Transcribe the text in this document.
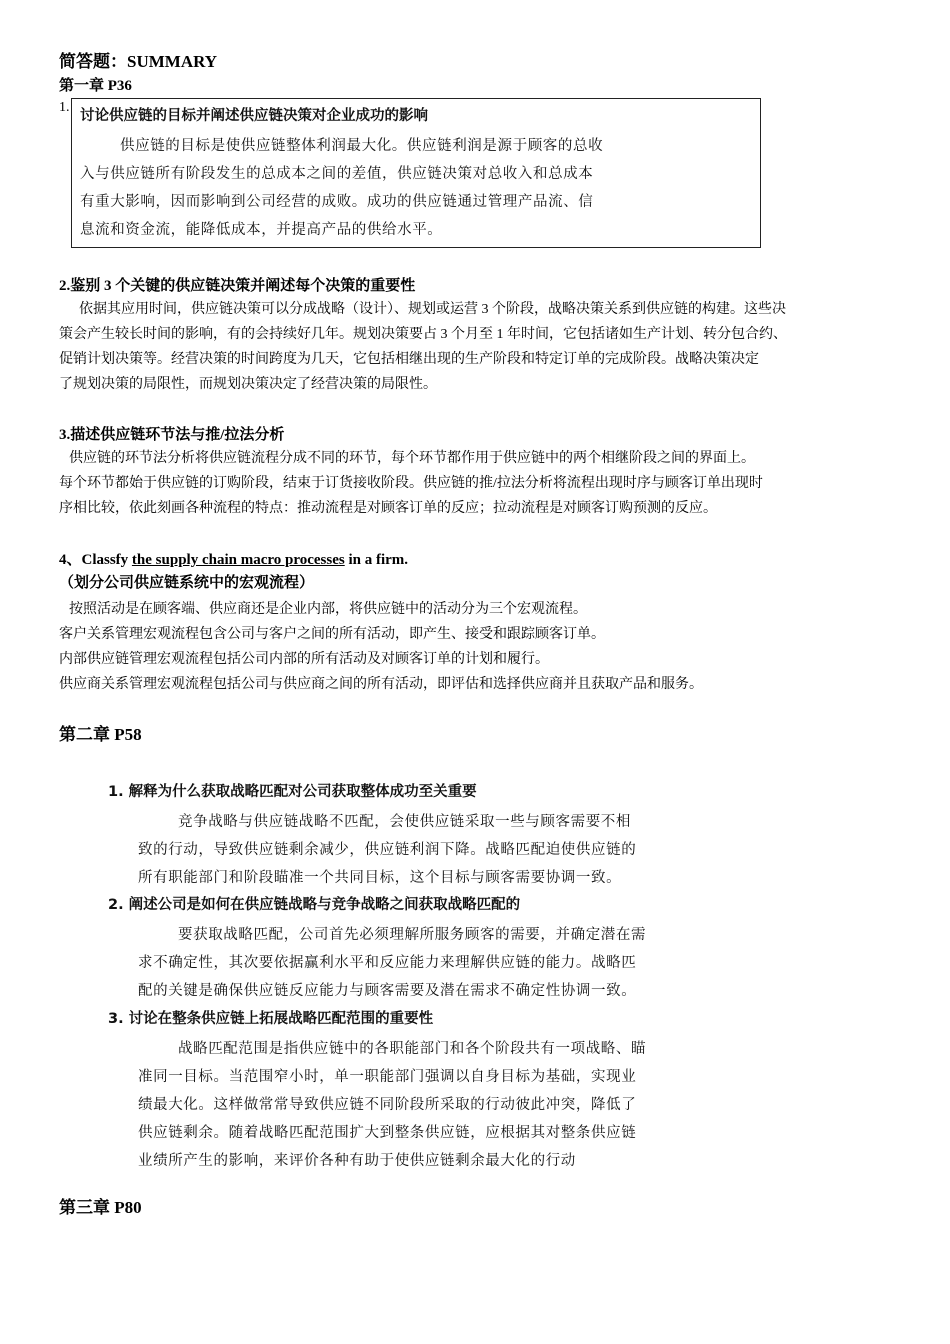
简答题：SUMMARY
第一章 P36
1.
讨论供应链的目标并阐述供应链决策对企业成功的影响
供应链的目标是使供应链整体利润最大化。供应链利润是源于顾客的总收
入与供应链所有阶段发生的总成本之间的差值，供应链决策对总收入和总成本
有重大影响，因而影响到公司经营的成败。成功的供应链通过管理产品流、信
息流和资金流，能降低成本，并提高产品的供给水平。
2.鉴别 3 个关键的供应链决策并阐述每个决策的重要性
依据其应用时间，供应链决策可以分成战略（设计）、规划或运营 3 个阶段，战略决策关系到供应链的构建。这些决
策会产生较长时间的影响，有的会持续好几年。规划决策要占 3 个月至 1 年时间，它包括诸如生产计划、转分包合约、
促销计划决策等。经营决策的时间跨度为几天，它包括相继出现的生产阶段和特定订单的完成阶段。战略决策决定
了规划决策的局限性，而规划决策决定了经营决策的局限性。
3.描述供应链环节法与推/拉法分析
供应链的环节法分析将供应链流程分成不同的环节，每个环节都作用于供应链中的两个相继阶段之间的界面上。
每个环节都始于供应链的订购阶段，结束于订货接收阶段。供应链的推/拉法分析将流程出现时序与顾客订单出现时
序相比较，依此刻画各种流程的特点：推动流程是对顾客订单的反应；拉动流程是对顾客订购预测的反应。
4、Classfy the supply chain macro processes in a firm.
（划分公司供应链系统中的宏观流程）
按照活动是在顾客端、供应商还是企业内部，将供应链中的活动分为三个宏观流程。
客户关系管理宏观流程包含公司与客户之间的所有活动，即产生、接受和跟踪顾客订单。
内部供应链管理宏观流程包括公司内部的所有活动及对顾客订单的计划和履行。
供应商关系管理宏观流程包括公司与供应商之间的所有活动，即评估和选择供应商并且获取产品和服务。
第二章 P58
1. 解释为什么获取战略匹配对公司获取整体成功至关重要
竞争战略与供应链战略不匹配，会使供应链采取一些与顾客需要不相
致的行动，导致供应链剩余减少，供应链利润下降。战略匹配迫使供应链的
所有职能部门和阶段瞄准一个共同目标，这个目标与顾客需要协调一致。
2. 阐述公司是如何在供应链战略与竞争战略之间获取战略匹配的
要获取战略匹配，公司首先必须理解所服务顾客的需要，并确定潜在需
求不确定性，其次要依据赢利水平和反应能力来理解供应链的能力。战略匹
配的关键是确保供应链反应能力与顾客需要及潜在需求不确定性协调一致。
3. 讨论在整条供应链上拓展战略匹配范围的重要性
战略匹配范围是指供应链中的各职能部门和各个阶段共有一项战略、瞄
准同一目标。当范围窄小时，单一职能部门强调以自身目标为基础，实现业
绩最大化。这样做常常导致供应链不同阶段所采取的行动彼此冲突，降低了
供应链剩余。随着战略匹配范围扩大到整条供应链，应根据其对整条供应链
业绩所产生的影响，来评价各种有助于使供应链剩余最大化的行动
第三章 P80
